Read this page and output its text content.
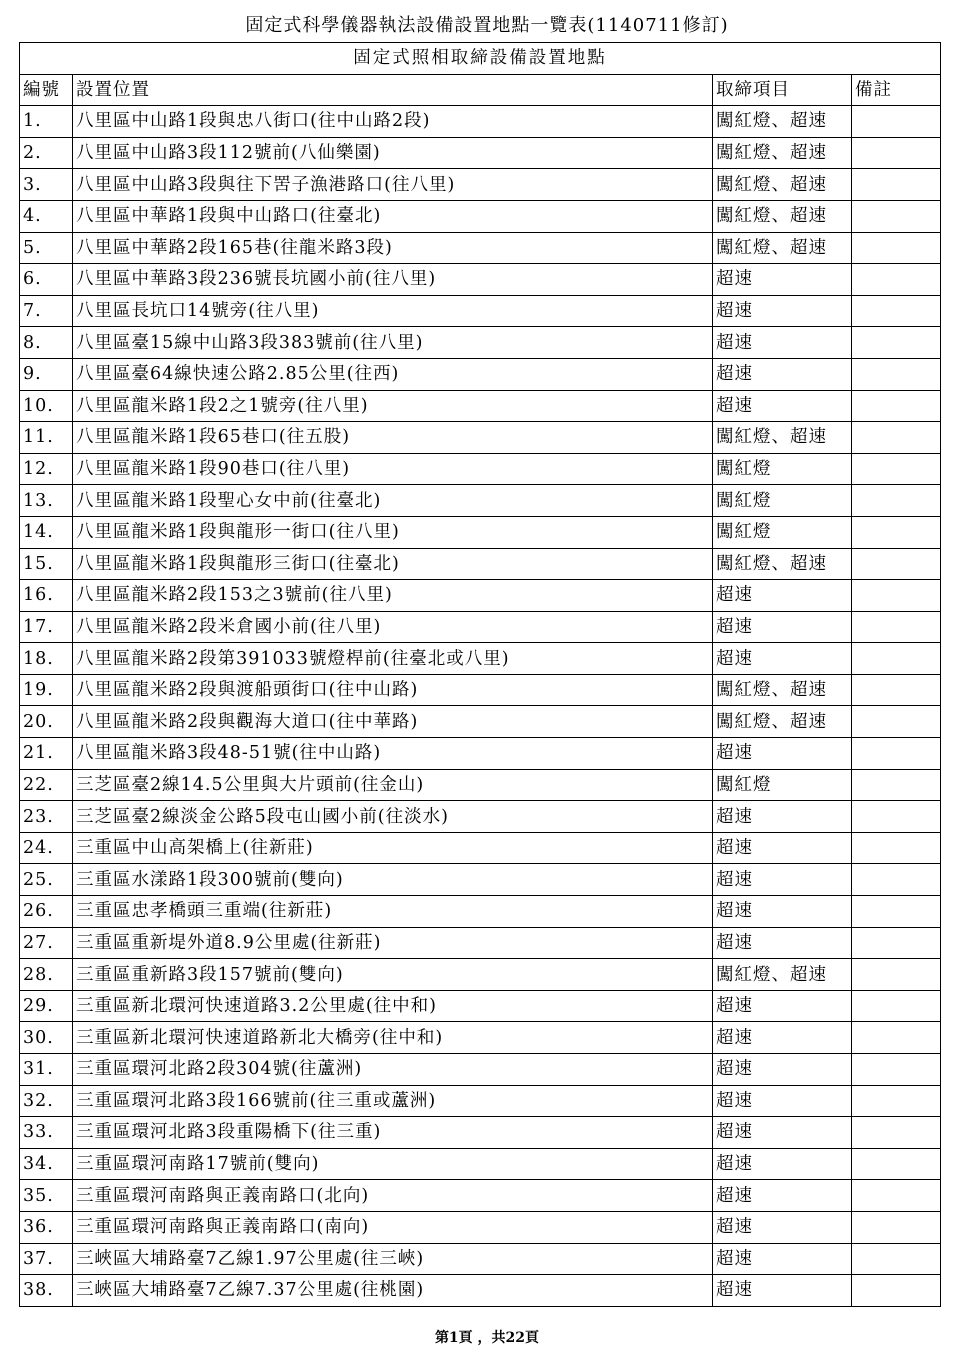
固定式科學儀器執法設備設置地點一覽表(1140711修訂)
固定式照相取締設備設置地點			
編號	設置位置	取締項目	備註
1.	八里區中山路1段與忠八街口(往中山路2段)	闖紅燈、超速	
2.	八里區中山路3段112號前(八仙樂園)	闖紅燈、超速	
3.	八里區中山路3段與往下罟子漁港路口(往八里)	闖紅燈、超速	
4.	八里區中華路1段與中山路口(往臺北)	闖紅燈、超速	
5.	八里區中華路2段165巷(往龍米路3段)	闖紅燈、超速	
6.	八里區中華路3段236號長坑國小前(往八里)	超速	
7.	八里區長坑口14號旁(往八里)	超速	
8.	八里區臺15線中山路3段383號前(往八里)	超速	
9.	八里區臺64線快速公路2.85公里(往西)	超速	
10.	八里區龍米路1段2之1號旁(往八里)	超速	
11.	八里區龍米路1段65巷口(往五股)	闖紅燈、超速	
12.	八里區龍米路1段90巷口(往八里)	闖紅燈	
13.	八里區龍米路1段聖心女中前(往臺北)	闖紅燈	
14.	八里區龍米路1段與龍形一街口(往八里)	闖紅燈	
15.	八里區龍米路1段與龍形三街口(往臺北)	闖紅燈、超速	
16.	八里區龍米路2段153之3號前(往八里)	超速	
17.	八里區龍米路2段米倉國小前(往八里)	超速	
18.	八里區龍米路2段第391033號燈桿前(往臺北或八里)	超速	
19.	八里區龍米路2段與渡船頭街口(往中山路)	闖紅燈、超速	
20.	八里區龍米路2段與觀海大道口(往中華路)	闖紅燈、超速	
21.	八里區龍米路3段48-51號(往中山路)	超速	
22.	三芝區臺2線14.5公里與大片頭前(往金山)	闖紅燈	
23.	三芝區臺2線淡金公路5段屯山國小前(往淡水)	超速	
24.	三重區中山高架橋上(往新莊)	超速	
25.	三重區水漾路1段300號前(雙向)	超速	
26.	三重區忠孝橋頭三重端(往新莊)	超速	
27.	三重區重新堤外道8.9公里處(往新莊)	超速	
28.	三重區重新路3段157號前(雙向)	闖紅燈、超速	
29.	三重區新北環河快速道路3.2公里處(往中和)	超速	
30.	三重區新北環河快速道路新北大橋旁(往中和)	超速	
31.	三重區環河北路2段304號(往蘆洲)	超速	
32.	三重區環河北路3段166號前(往三重或蘆洲)	超速	
33.	三重區環河北路3段重陽橋下(往三重)	超速	
34.	三重區環河南路17號前(雙向)	超速	
35.	三重區環河南路與正義南路口(北向)	超速	
36.	三重區環河南路與正義南路口(南向)	超速	
37.	三峽區大埔路臺7乙線1.97公里處(往三峽)	超速	
38.	三峽區大埔路臺7乙線7.37公里處(往桃園)	超速	
第1頁 ，共22頁
